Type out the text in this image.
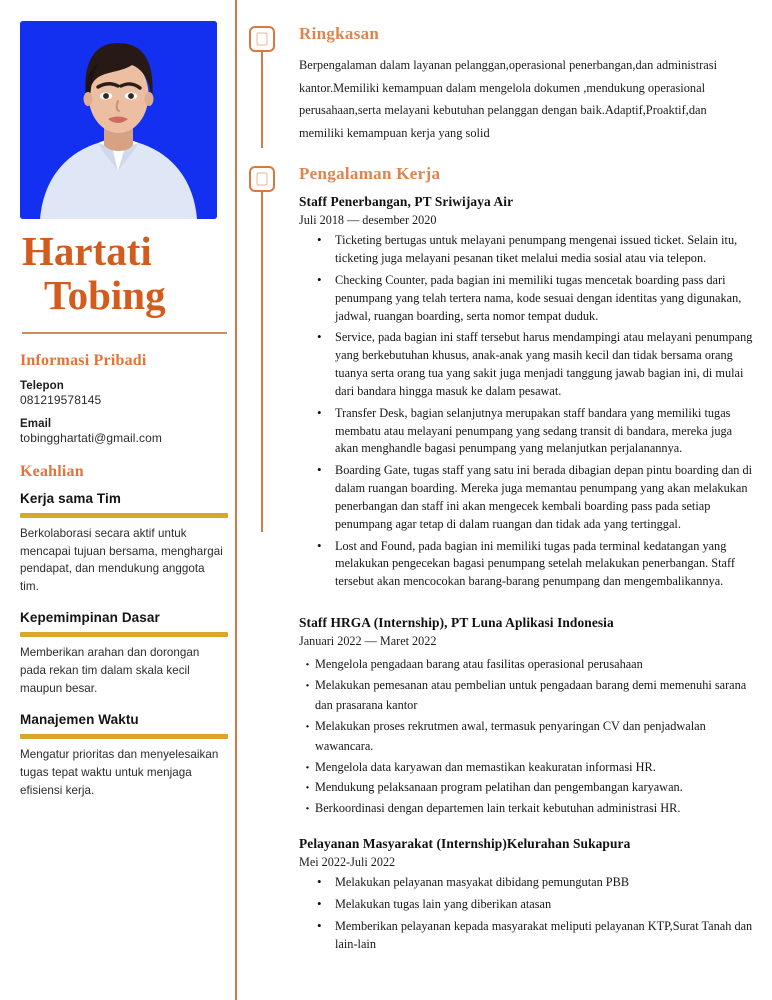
Hartati
Tobing
Informasi Pribadi
Telepon
081219578145
Email
tobingghartati@gmail.com
Keahlian
Kerja sama Tim
Berkolaborasi secara aktif untuk mencapai tujuan bersama, menghargai pendapat, dan mendukung anggota tim.
Kepemimpinan Dasar
Memberikan arahan dan dorongan pada rekan tim dalam skala kecil maupun besar.
Manajemen Waktu
Mengatur prioritas dan menyelesaikan tugas tepat waktu untuk menjaga efisiensi kerja.
Ringkasan

Berpengalaman dalam layanan pelanggan,operasional penerbangan,dan administrasi kantor.Memiliki kemampuan dalam mengelola dokumen ,mendukung operasional perusahaan,serta melayani kebutuhan pelanggan dengan baik.Adaptif,Proaktif,dan memiliki kemampuan kerja yang solid

Pengalaman Kerja
Staff Penerbangan, PT Sriwijaya Air
Juli 2018 — desember 2020
• Ticketing bertugas untuk melayani penumpang mengenai issued ticket. Selain itu, ticketing juga melayani pesanan tiket melalui media sosial atau via telepon.
• Checking Counter, pada bagian ini memiliki tugas mencetak boarding pass dari penumpang yang telah tertera nama, kode sesuai dengan identitas yang digunakan, jadwal, ruangan boarding, serta nomor tempat duduk.
• Service, pada bagian ini staff tersebut harus mendampingi atau melayani penumpang yang berkebutuhan khusus, anak-anak yang masih kecil dan tidak bersama orang tuanya serta orang tua yang sakit juga menjadi tanggung jawab bagian ini, di mulai dari bandara hingga masuk ke dalam pesawat.
• Transfer Desk, bagian selanjutnya merupakan staff bandara yang memiliki tugas membatu atau melayani penumpang yang sedang transit di bandara, mereka juga akan menghandle bagasi penumpang yang melanjutkan perjalanannya.
• Boarding Gate, tugas staff yang satu ini berada dibagian depan pintu boarding dan di dalam ruangan boarding. Mereka juga memantau penumpang yang akan melakukan penerbangan dan staff ini akan mengecek kembali boarding pass pada setiap penumpang agar tetap di dalam ruangan dan tidak ada yang tertinggal.
• Lost and Found, pada bagian ini memiliki tugas pada terminal kedatangan yang melakukan pengecekan bagasi penumpang setelah melakukan penerbangan. Staff tersebut akan mencocokan barang-barang penumpang dan mengembalikannya.
Staff HRGA (Internship), PT Luna Aplikasi Indonesia
Januari 2022 — Maret 2022
· Mengelola pengadaan barang atau fasilitas operasional perusahaan
· Melakukan pemesanan atau pembelian untuk pengadaan barang demi memenuhi sarana dan prasarana kantor
· Melakukan proses rekrutmen awal, termasuk penyaringan CV dan penjadwalan wawancara.
· Mengelola data karyawan dan memastikan keakuratan informasi HR.
· Mendukung pelaksanaan program pelatihan dan pengembangan karyawan.
· Berkoordinasi dengan departemen lain terkait kebutuhan administrasi HR.
Pelayanan Masyarakat (Internship)Kelurahan Sukapura
Mei 2022-Juli 2022
• Melakukan pelayanan masyakat dibidang pemungutan PBB
• Melakukan tugas lain yang diberikan atasan
• Memberikan pelayanan kepada masyarakat meliputi pelayanan KTP,Surat Tanah dan lain-lain
